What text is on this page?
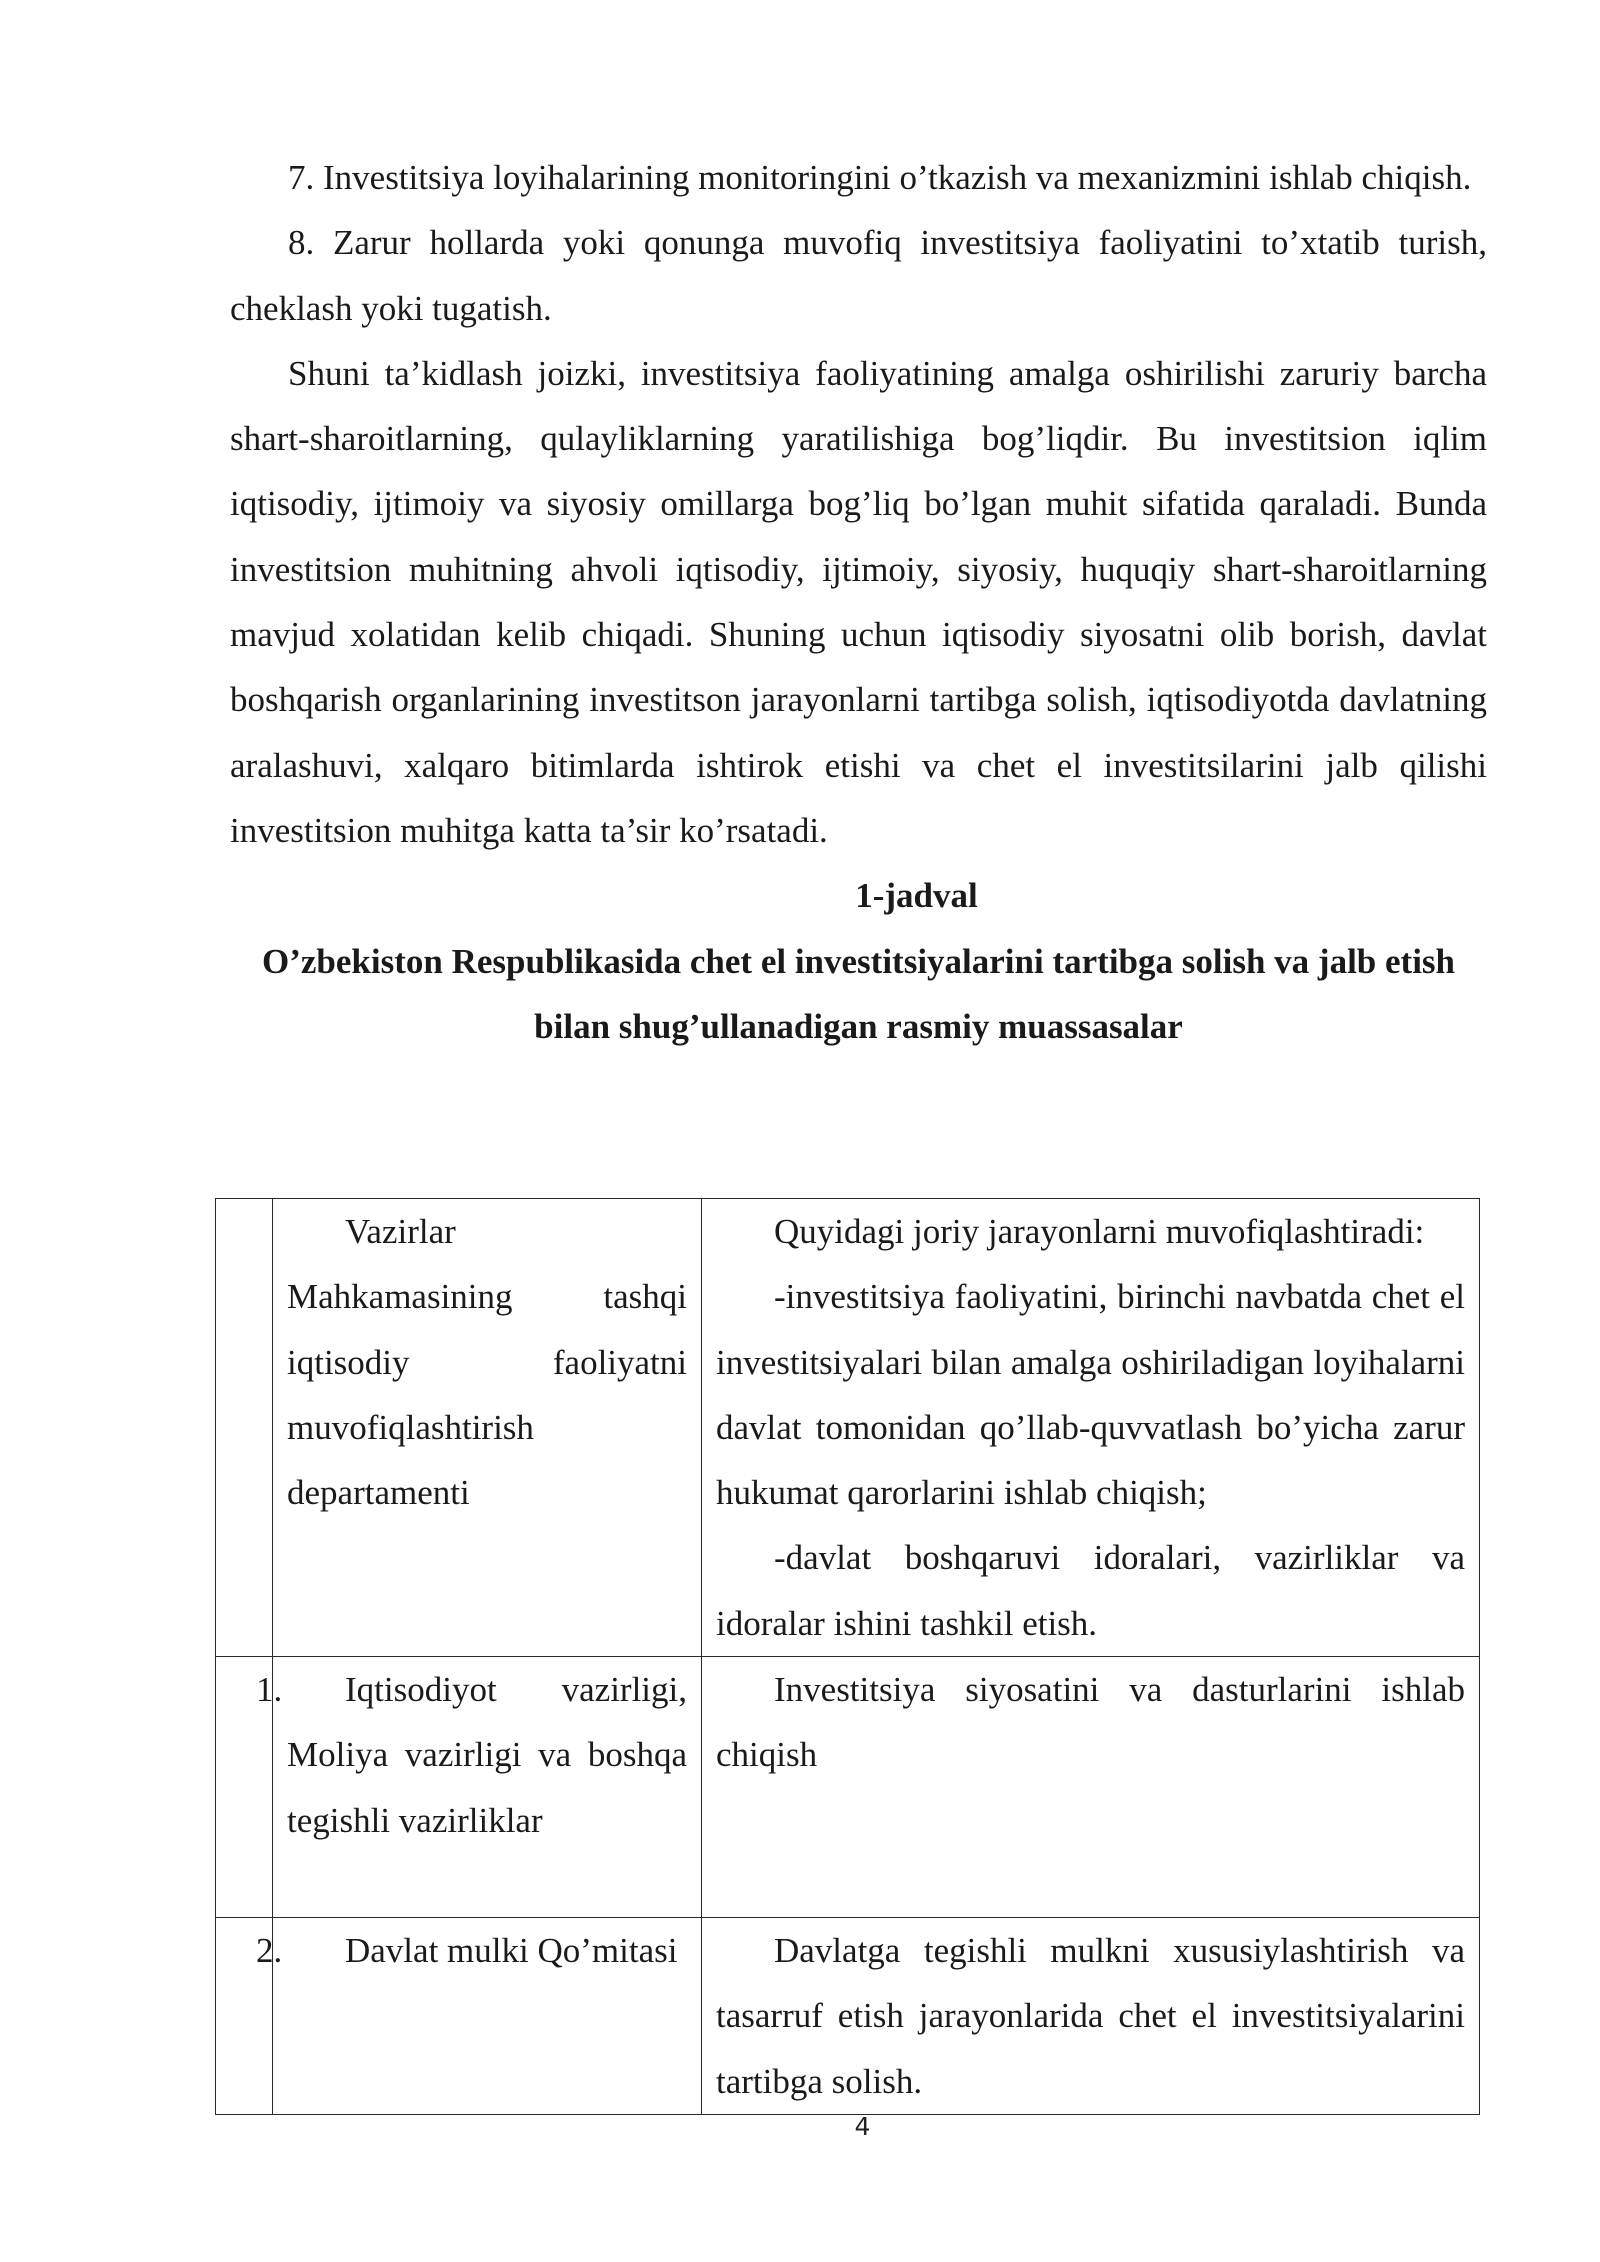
7. Investitsiya loyihalarining monitoringini o’tkazish va mexanizmini ishlab chiqish.

8. Zarur hollarda yoki qonunga muvofiq investitsiya faoliyatini to’xtatib turish, cheklash yoki tugatish.

Shuni ta’kidlash joizki, investitsiya faoliyatining amalga oshirilishi zaruriy barcha shart-sharoitlarning, qulayliklarning yaratilishiga bog’liqdir. Bu investitsion iqlim iqtisodiy, ijtimoiy va siyosiy omillarga bog’liq bo’lgan muhit sifatida qaraladi. Bunda investitsion muhitning ahvoli iqtisodiy, ijtimoiy, siyosiy, huquqiy shart-sharoitlarning mavjud xolatidan kelib chiqadi. Shuning uchun iqtisodiy siyosatni olib borish, davlat boshqarish organlarining investitson jarayonlarni tartibga solish, iqtisodiyotda davlatning aralashuvi, xalqaro bitimlarda ishtirok etishi va chet el investitsilarini jalb qilishi investitsion muhitga katta ta’sir ko’rsatadi.

1-jadval

O’zbekiston Respublikasida chet el investitsiyalarini tartibga solish va jalb etish bilan shug’ullanadigan rasmiy muassasalar

	Vazirlar Mahkamasining tashqi iqtisodiy faoliyatni muvofiqlashtirish departamenti	Quyidagi joriy jarayonlarni muvofiqlashtiradi:
-investitsiya faoliyatini, birinchi navbatda chet el investitsiyalari bilan amalga oshiriladigan loyihalarni davlat tomonidan qo’llab-quvvatlash bo’yicha zarur hukumat qarorlarini ishlab chiqish;
-davlat boshqaruvi idoralari, vazirliklar va idoralar ishini tashkil etish.

1.	Iqtisodiyot vazirligi, Moliya vazirligi va boshqa tegishli vazirliklar	Investitsiya siyosatini va dasturlarini ishlab chiqish

2.	Davlat mulki Qo’mitasi	Davlatga tegishli mulkni xususiylashtirish va tasarruf etish jarayonlarida chet el investitsiyalarini tartibga solish.
4
